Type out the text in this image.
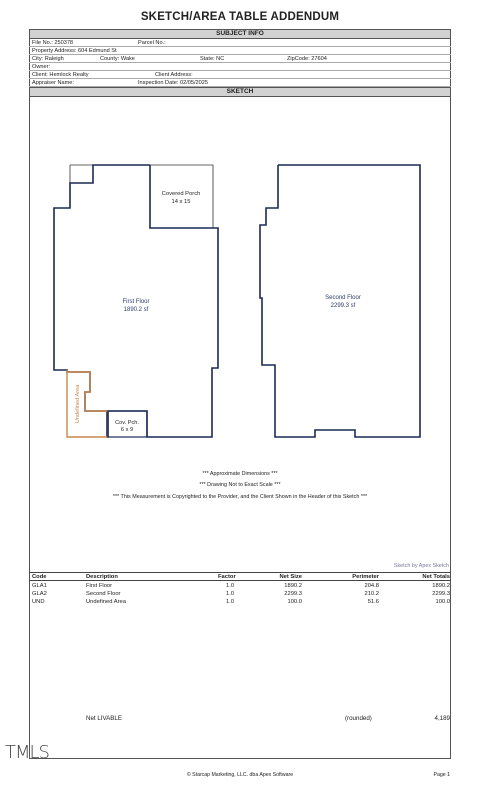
SKETCH/AREA TABLE ADDENDUM
SUBJECT INFO
File No.: 250378	Parcel No.:
Property Address: 604 Edmund St
City: Raleigh	County: Wake	State: NC	ZipCode: 27604
Owner:
Client: Hemlock Realty	Client Address:
Appraiser Name:	Inspection Date: 02/05/2025
SKETCH
Covered Porch
14 x 15
First Floor
1890.2 sf
Undefined Area	Cov. Pch.
6 x 9
Second Floor
2299.3 sf
*** Approximate Dimensions ***
*** Drawing Not to Exact Scale ***
*** This Measurement is Copyrighted to the Provider, and the Client Shown in the Header of this Sketch ***
Sketch by Apex Sketch
Code	Description	Factor	Net Size	Perimeter	Net Totals
GLA1	First Floor	1.0	1890.2	204.8	1890.2
GLA2	Second Floor	1.0	2299.3	210.2	2299.3
UND	Undefined Area	1.0	100.0	51.6	100.0
Net LIVABLE	(rounded)	4,189
TMLS
© Starcap Marketing, LLC. dba Apex Software	Page 1
